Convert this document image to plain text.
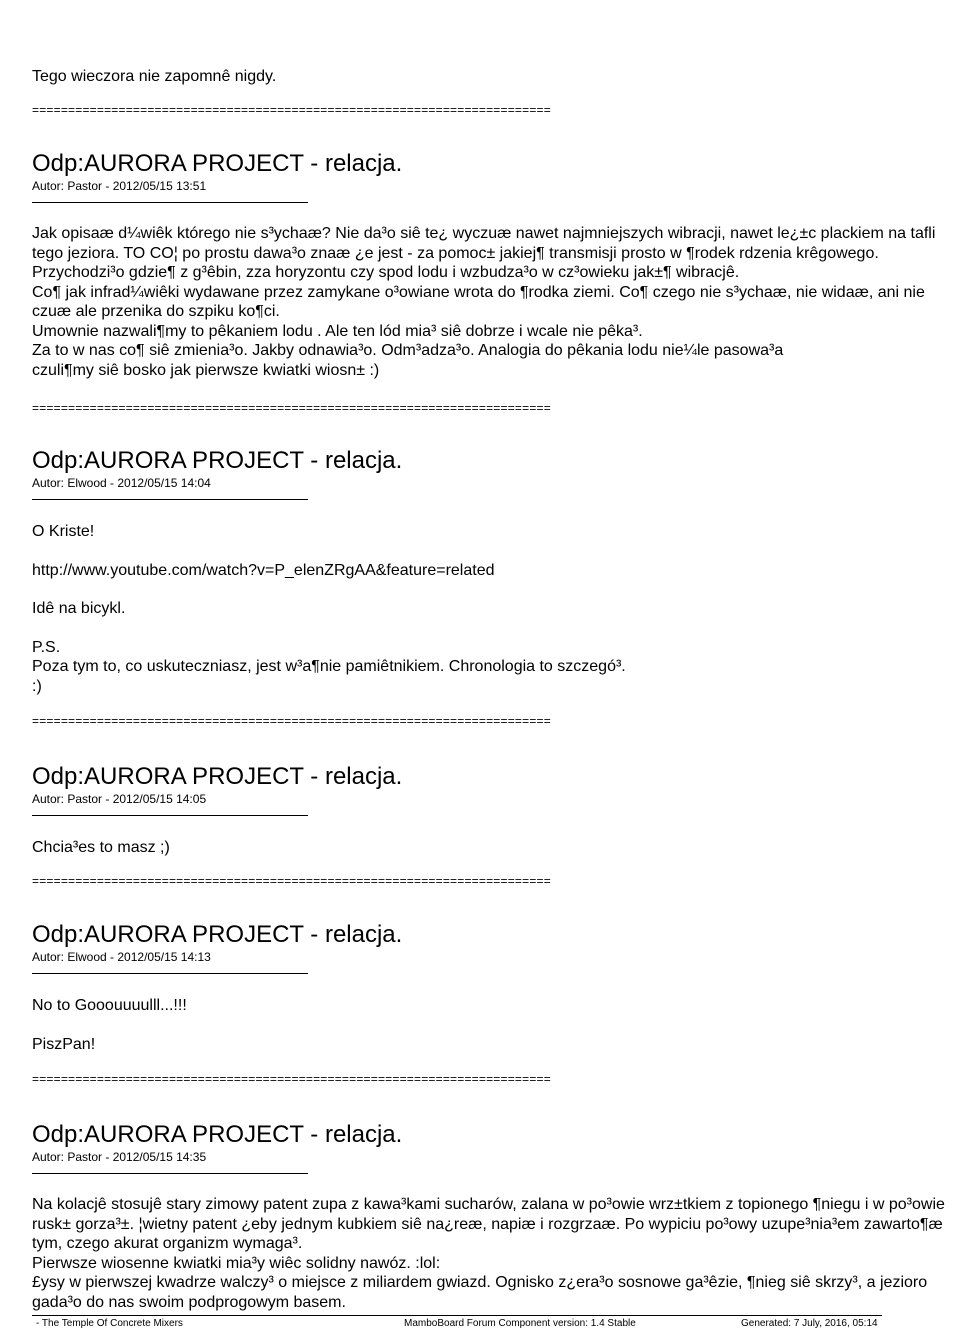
Tego wieczora nie zapomnê nigdy.
========================================================================
Odp:AURORA PROJECT - relacja.
Autor: Pastor - 2012/05/15 13:51

Jak opisaæ d¼wiêk którego nie s³ychaæ? Nie da³o siê te¿ wyczuæ nawet najmniejszych wibracji, nawet le¿±c plackiem na tafli tego jeziora. TO CO¦ po prostu dawa³o znaæ ¿e jest - za pomoc± jakiej¶ transmisji prosto w ¶rodek rdzenia krêgowego. Przychodzi³o gdzie¶ z g³êbin, zza horyzontu czy spod lodu i wzbudza³o w cz³owieku jak±¶ wibracjê.

Co¶ jak infrad¼wiêki wydawane przez zamykane o³owiane wrota do ¶rodka ziemi. Co¶ czego nie s³ychaæ, nie widaæ, ani nie czuæ ale przenika do szpiku ko¶ci.

Umownie nazwali¶my to pêkaniem lodu . Ale ten lód mia³ siê dobrze i wcale nie pêka³.

Za to w nas co¶ siê zmienia³o. Jakby odnawia³o. Odm³adza³o. Analogia do pêkania lodu nie¼le pasowa³a

czuli¶my siê bosko jak pierwsze kwiatki wiosn± :)

========================================================================
Odp:AURORA PROJECT - relacja.
Autor: Elwood - 2012/05/15 14:04

O Kriste!

http://www.youtube.com/watch?v=P_elenZRgAA&feature=related

Idê na bicykl.

P.S.

Poza tym to, co uskuteczniasz, jest w³a¶nie pamiêtnikiem. Chronologia to szczegó³.

:)

========================================================================
Odp:AURORA PROJECT - relacja.
Autor: Pastor - 2012/05/15 14:05

Chcia³es to masz ;)

========================================================================
Odp:AURORA PROJECT - relacja.
Autor: Elwood - 2012/05/15 14:13

No to Gooouuuulll...!!!

PiszPan!

========================================================================
Odp:AURORA PROJECT - relacja.
Autor: Pastor - 2012/05/15 14:35

Na kolacjê stosujê stary zimowy patent zupa z kawa³kami sucharów, zalana w po³owie wrz±tkiem z topionego ¶niegu i w po³owie rusk± gorza³±. ¦wietny patent ¿eby jednym kubkiem siê na¿reæ, napiæ i rozgrzaæ. Po wypiciu po³owy uzupe³nia³em zawarto¶æ tym, czego akurat organizm wymaga³.

Pierwsze wiosenne kwiatki mia³y wiêc solidny nawóz. :lol:

£ysy w pierwszej kwadrze walczy³ o miejsce z miliardem gwiazd. Ognisko z¿era³o sosnowe ga³êzie, ¶nieg siê skrzy³, a jezioro gada³o do nas swoim podprogowym basem.

- The Temple Of Concrete Mixers	MamboBoard Forum Component version: 1.4 Stable	Generated: 7 July, 2016, 05:14
